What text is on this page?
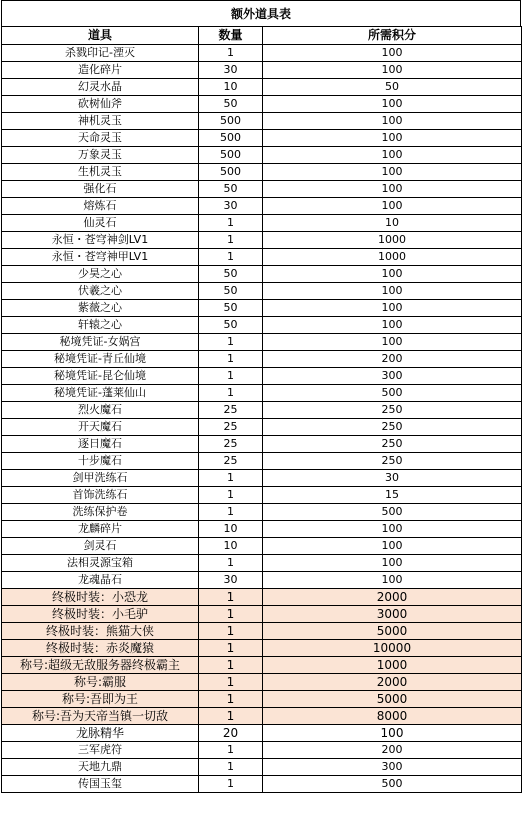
额外道具表
道具	数量	所需积分
杀戮印记-湮灭	1	100
造化碎片	30	100
幻灵水晶	10	50
砍树仙斧	50	100
神机灵玉	500	100
天命灵玉	500	100
万象灵玉	500	100
生机灵玉	500	100
强化石	50	100
熔炼石	30	100
仙灵石	1	10
永恒・苍穹神剑LV1	1	1000
永恒・苍穹神甲LV1	1	1000
少昊之心	50	100
伏羲之心	50	100
紫薇之心	50	100
轩辕之心	50	100
秘境凭证-女娲宫	1	100
秘境凭证-青丘仙境	1	200
秘境凭证-昆仑仙境	1	300
秘境凭证-蓬莱仙山	1	500
烈火魔石	25	250
开天魔石	25	250
逐日魔石	25	250
十步魔石	25	250
剑甲洗练石	1	30
首饰洗练石	1	15
洗练保护卷	1	500
龙麟碎片	10	100
剑灵石	10	100
法相灵源宝箱	1	100
龙魂晶石	30	100
终极时装：小恐龙	1	2000
终极时装：小毛驴	1	3000
终极时装：熊猫大侠	1	5000
终极时装：赤炎魔猿	1	10000
称号:超级无敌服务器终极霸主	1	1000
称号:霸服	1	2000
称号:吾即为王	1	5000
称号:吾为天帝当镇一切敌	1	8000
龙脉精华	20	100
三军虎符	1	200
天地九鼎	1	300
传国玉玺	1	500
